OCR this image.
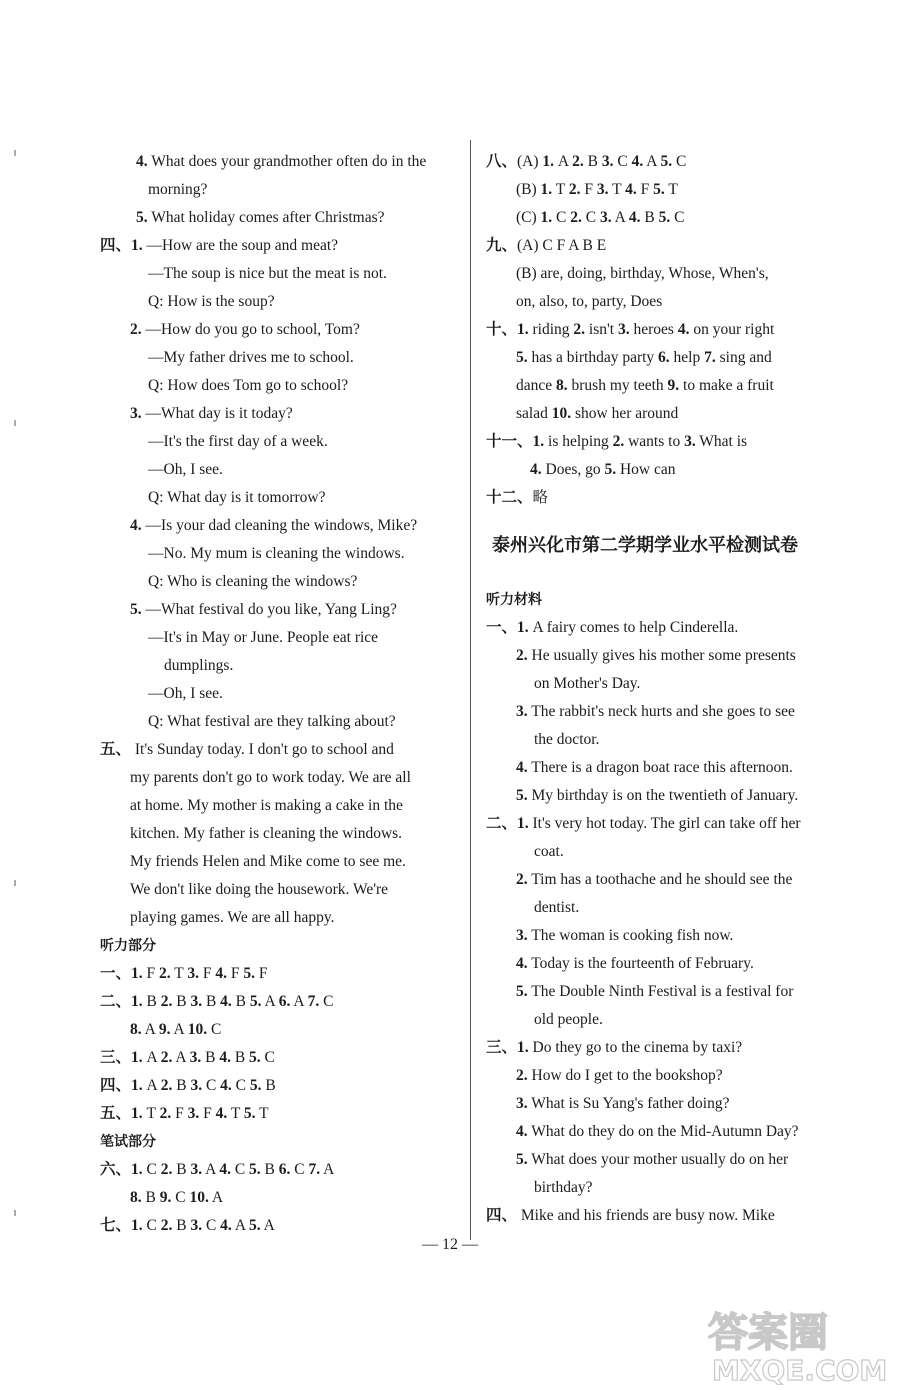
4. What does your grandmother often do in the
morning?
5. What holiday comes after Christmas?
四、1. —How are the soup and meat?
—The soup is nice but the meat is not.
Q: How is the soup?
2. —How do you go to school, Tom?
—My father drives me to school.
Q: How does Tom go to school?
3. —What day is it today?
—It's the first day of a week.
—Oh, I see.
Q: What day is it tomorrow?
4. —Is your dad cleaning the windows, Mike?
—No. My mum is cleaning the windows.
Q: Who is cleaning the windows?
5. —What festival do you like, Yang Ling?
—It's in May or June. People eat rice
dumplings.
—Oh, I see.
Q: What festival are they talking about?
五、 It's Sunday today. I don't go to school and
my parents don't go to work today. We are all
at home. My mother is making a cake in the
kitchen. My father is cleaning the windows.
My friends Helen and Mike come to see me.
We don't like doing the housework. We're
playing games. We are all happy.
听力部分
一、1. F 2. T 3. F 4. F 5. F
二、1. B 2. B 3. B 4. B 5. A 6. A 7. C
8. A 9. A 10. C
三、1. A 2. A 3. B 4. B 5. C
四、1. A 2. B 3. C 4. C 5. B
五、1. T 2. F 3. F 4. T 5. T
笔试部分
六、1. C 2. B 3. A 4. C 5. B 6. C 7. A
8. B 9. C 10. A
七、1. C 2. B 3. C 4. A 5. A
八、(A) 1. A 2. B 3. C 4. A 5. C
(B) 1. T 2. F 3. T 4. F 5. T
(C) 1. C 2. C 3. A 4. B 5. C
九、(A) C F A B E
(B) are, doing, birthday, Whose, When's,
on, also, to, party, Does
十、1. riding 2. isn't 3. heroes 4. on your right
5. has a birthday party 6. help 7. sing and
dance 8. brush my teeth 9. to make a fruit
salad 10. show her around
十一、1. is helping 2. wants to 3. What is
4. Does, go 5. How can
十二、略
泰州兴化市第二学期学业水平检测试卷
听力材料
一、1. A fairy comes to help Cinderella.
2. He usually gives his mother some presents
on Mother's Day.
3. The rabbit's neck hurts and she goes to see
the doctor.
4. There is a dragon boat race this afternoon.
5. My birthday is on the twentieth of January.
二、1. It's very hot today. The girl can take off her
coat.
2. Tim has a toothache and he should see the
dentist.
3. The woman is cooking fish now.
4. Today is the fourteenth of February.
5. The Double Ninth Festival is a festival for
old people.
三、1. Do they go to the cinema by taxi?
2. How do I get to the bookshop?
3. What is Su Yang's father doing?
4. What do they do on the Mid-Autumn Day?
5. What does your mother usually do on her
birthday?
四、 Mike and his friends are busy now. Mike
— 12 —
答案圈
MXQE.COM
